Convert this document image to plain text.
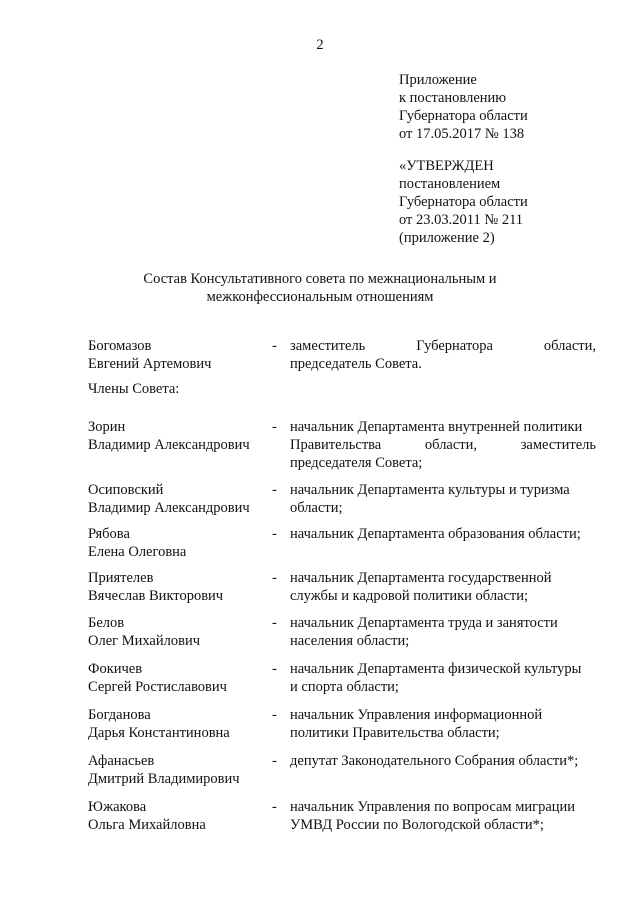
2
Приложение
к постановлению
Губернатора области
от 17.05.2017 № 138
«УТВЕРЖДЕН
постановлением
Губернатора области
от 23.03.2011 № 211
(приложение 2)
Состав Консультативного совета по межнациональным и
межконфессиональным отношениям
Богомазов
Евгений Артемович
- заместитель	Губернатора	области,
председатель Совета.
Члены Совета:
Зорин
Владимир Александрович
- начальник Департамента внутренней политики
Правительства	области,	заместитель
председателя Совета;
Осиповский
Владимир Александрович
- начальник Департамента культуры и туризма
области;
Рябова
Елена Олеговна
- начальник Департамента образования области;
Приятелев
Вячеслав Викторович
- начальник Департамента государственной
службы и кадровой политики области;
Белов
Олег Михайлович
- начальник Департамента труда и занятости
населения области;
Фокичев
Сергей Ростиславович
- начальник Департамента физической культуры
и спорта области;
Богданова
Дарья Константиновна
- начальник Управления информационной
политики Правительства области;
Афанасьев
Дмитрий Владимирович
- депутат Законодательного Собрания области*;
Южакова
Ольга Михайловна
- начальник Управления по вопросам миграции
УМВД России по Вологодской области*;
